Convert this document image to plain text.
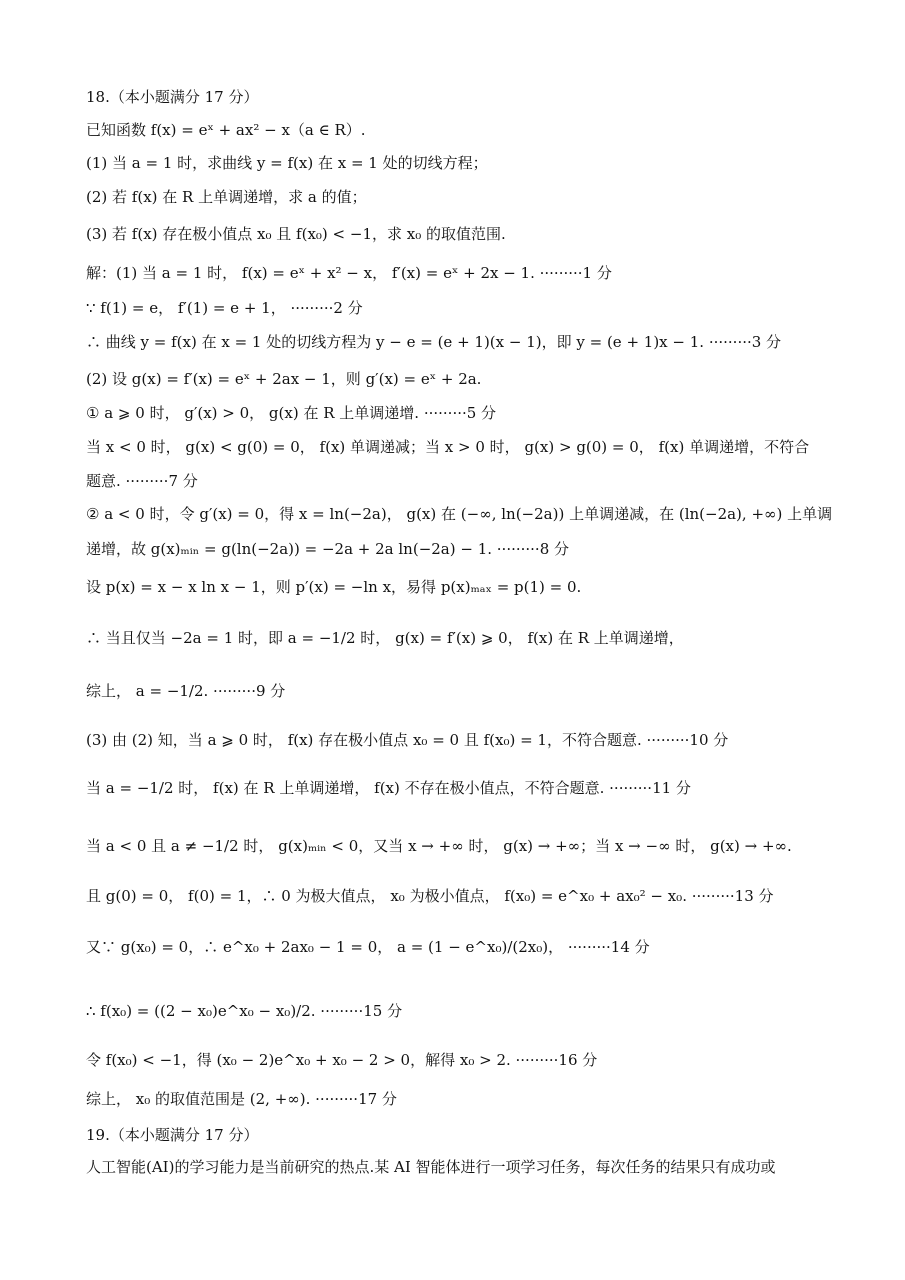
18.（本小题满分 17 分）
已知函数 f(x) = eˣ + ax² − x（a ∈ R）.
(1) 当 a = 1 时，求曲线 y = f(x) 在 x = 1 处的切线方程；
(2) 若 f(x) 在 R 上单调递增，求 a 的值；
(3) 若 f(x) 存在极小值点 x₀ 且 f(x₀) < −1，求 x₀ 的取值范围.
解：(1) 当 a = 1 时， f(x) = eˣ + x² − x， f′(x) = eˣ + 2x − 1. ·········1 分
∵ f(1) = e， f′(1) = e + 1， ·········2 分
∴ 曲线 y = f(x) 在 x = 1 处的切线方程为 y − e = (e + 1)(x − 1)，即 y = (e + 1)x − 1. ·········3 分
(2) 设 g(x) = f′(x) = eˣ + 2ax − 1，则 g′(x) = eˣ + 2a.
① a ⩾ 0 时， g′(x) > 0， g(x) 在 R 上单调递增. ·········5 分
当 x < 0 时， g(x) < g(0) = 0， f(x) 单调递减；当 x > 0 时， g(x) > g(0) = 0， f(x) 单调递增，不符合
题意. ·········7 分
② a < 0 时，令 g′(x) = 0，得 x = ln(−2a)， g(x) 在 (−∞, ln(−2a)) 上单调递减，在 (ln(−2a), +∞) 上单调
递增，故 g(x)ₘᵢₙ = g(ln(−2a)) = −2a + 2a ln(−2a) − 1. ·········8 分
设 p(x) = x − x ln x − 1，则 p′(x) = −ln x，易得 p(x)ₘₐₓ = p(1) = 0.
∴ 当且仅当 −2a = 1 时，即 a = −1/2 时， g(x) = f′(x) ⩾ 0， f(x) 在 R 上单调递增，
综上， a = −1/2. ·········9 分
(3) 由 (2) 知，当 a ⩾ 0 时， f(x) 存在极小值点 x₀ = 0 且 f(x₀) = 1，不符合题意. ·········10 分
当 a = −1/2 时， f(x) 在 R 上单调递增， f(x) 不存在极小值点，不符合题意. ·········11 分
当 a < 0 且 a ≠ −1/2 时， g(x)ₘᵢₙ < 0，又当 x → +∞ 时， g(x) → +∞；当 x → −∞ 时， g(x) → +∞.
且 g(0) = 0， f(0) = 1，∴ 0 为极大值点， x₀ 为极小值点， f(x₀) = e^x₀ + ax₀² − x₀. ·········13 分
又∵ g(x₀) = 0，∴ e^x₀ + 2ax₀ − 1 = 0， a = (1 − e^x₀)/(2x₀)， ·········14 分
∴ f(x₀) = ((2 − x₀)e^x₀ − x₀)/2. ·········15 分
令 f(x₀) < −1，得 (x₀ − 2)e^x₀ + x₀ − 2 > 0，解得 x₀ > 2. ·········16 分
综上， x₀ 的取值范围是 (2, +∞). ·········17 分
19.（本小题满分 17 分）
人工智能(AI)的学习能力是当前研究的热点.某 AI 智能体进行一项学习任务，每次任务的结果只有成功或
